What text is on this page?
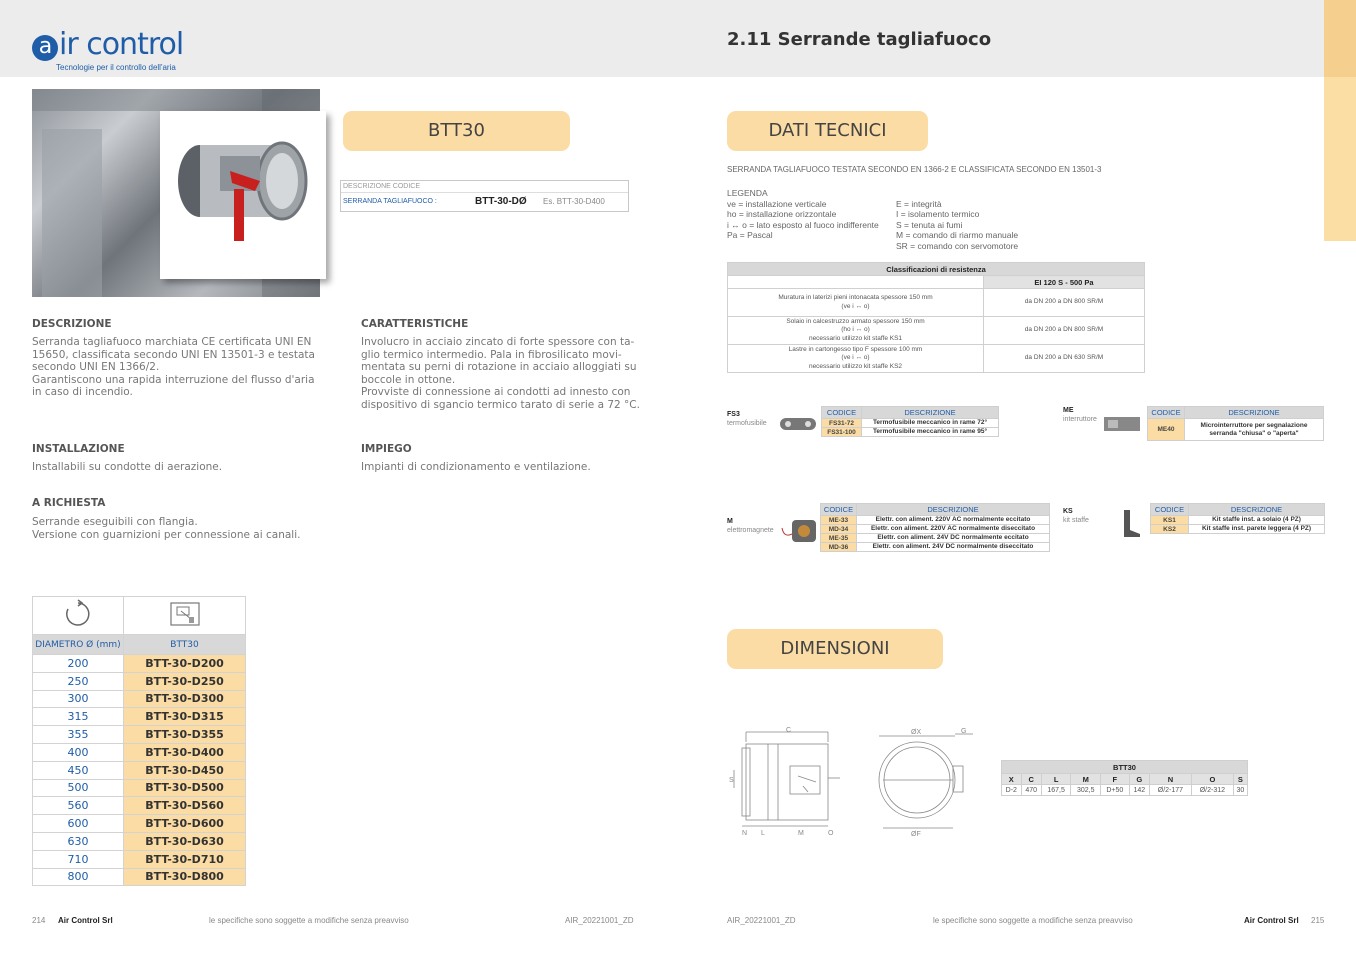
a ir control
Tecnologie per il controllo dell'aria
2.11 Serrande tagliafuoco
BTT30
DESCRIZIONE CODICE
SERRANDA TAGLIAFUOCO :	BTT-30-DØ	Es. BTT-30-D400
DESCRIZIONE
Serranda tagliafuoco marchiata CE certificata UNI EN
15650, classificata secondo UNI EN 13501-3 e testata
secondo UNI EN 1366/2.
Garantiscono una rapida interruzione del flusso d'aria
in caso di incendio.
CARATTERISTICHE
Involucro in acciaio zincato di forte spessore con ta-
glio termico intermedio. Pala in fibrosilicato movi-
mentata su perni di rotazione in acciaio alloggiati su
boccole in ottone.
Provviste di connessione ai condotti ad innesto con
dispositivo di sgancio termico tarato di serie a 72 °C.
INSTALLAZIONE
Installabili su condotte di aerazione.
IMPIEGO
Impianti di condizionamento e ventilazione.
A RICHIESTA
Serrande eseguibili con flangia.
Versione con guarnizioni per connessione ai canali.

DIAMETRO Ø (mm)	BTT30
200	BTT-30-D200
250	BTT-30-D250
300	BTT-30-D300
315	BTT-30-D315
355	BTT-30-D355
400	BTT-30-D400
450	BTT-30-D450
500	BTT-30-D500
560	BTT-30-D560
600	BTT-30-D600
630	BTT-30-D630
710	BTT-30-D710
800	BTT-30-D800
DATI TECNICI
SERRANDA TAGLIAFUOCO TESTATA SECONDO EN 1366-2 E CLASSIFICATA SECONDO EN 13501-3
LEGENDA
ve = installazione verticale
ho = installazione orizzontale
i ↔ o = lato esposto al fuoco indifferente
Pa = Pascal

E = integrità
I = isolamento termico
S = tenuta ai fumi
M = comando di riarmo manuale
SR = comando con servomotore
Classificazioni di resistenza	
	EI 120 S - 500 Pa
Muratura in laterizi pieni intonacata spessore 150 mm
(ve i ↔ o)	da DN 200 a DN 800 SR/M
Solaio in calcestruzzo armato spessore 150 mm
(ho i ↔ o)
necessario utilizzo kit staffe KS1	da DN 200 a DN 800 SR/M
Lastre in cartongesso tipo F spessore 100 mm
(ve i ↔ o)
necessario utilizzo kit staffe KS2	da DN 200 a DN 630 SR/M
FS3
termofusibile
CODICE	DESCRIZIONE
FS31-72	Termofusibile meccanico in rame 72°
FS31-100	Termofusibile meccanico in rame 95°
ME
interruttore
CODICE	DESCRIZIONE
ME40	Microinterruttore per segnalazione
serranda "chiusa" o "aperta"
M
elettromagnete
CODICE	DESCRIZIONE
ME-33	Elettr. con aliment. 220V AC normalmente eccitato
MD-34	Elettr. con aliment. 220V AC normalmente diseccitato
ME-35	Elettr. con aliment. 24V DC normalmente eccitato
MD-36	Elettr. con aliment. 24V DC normalmente diseccitato
KS
kit staffe
CODICE	DESCRIZIONE
KS1	Kit staffe inst. a solaio (4 PZ)
KS2	Kit staffe inst. parete leggera (4 PZ)
DIMENSIONI
C
S
N L	M	O
ØX	G
ØF
BTT30								
X	C	L	M	F	G	N	O	S
D-2	470	167,5	302,5	D+50	142	Ø/2-177	Ø/2-312	30
214 Air Control Srl	le specifiche sono soggette a modifiche senza preavviso	AIR_20221001_ZD	AIR_20221001_ZD	le specifiche sono soggette a modifiche senza preavviso	Air Control Srl 215
